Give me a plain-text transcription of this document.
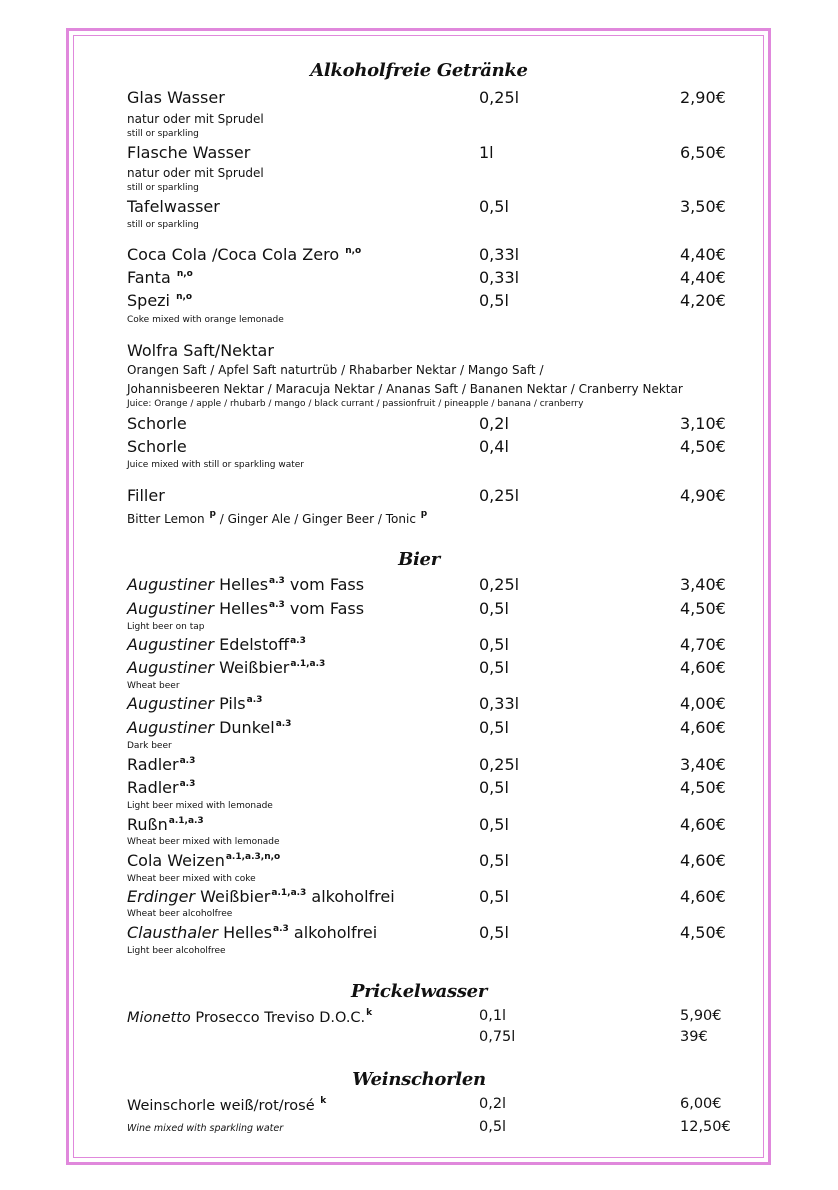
Alkoholfreie Getränke
Glas Wasser	0,25l	2,90€
natur oder mit Sprudel
still or sparkling
Flasche Wasser	1l	6,50€
natur oder mit Sprudel
still or sparkling
Tafelwasser	0,5l	3,50€
still or sparkling
Coca Cola /Coca Cola Zero $^{n,o}$	0,33l	4,40€
Fanta $^{n,o}$	0,33l	4,40€
Spezi $^{n,o}$	0,5l	4,20€
Coke mixed with orange lemonade
Wolfra Saft/Nektar
Orangen Saft / Apfel Saft naturtrüb / Rhabarber Nektar / Mango Saft /
Johannisbeeren Nektar / Maracuja Nektar / Ananas Saft / Bananen Nektar / Cranberry Nektar
Juice: Orange / apple / rhubarb / mango / black currant / passionfruit / pineapple / banana / cranberry
Schorle	0,2l	3,10€
Schorle	0,4l	4,50€
Juice mixed with still or sparkling water
Filler	0,25l	4,90€
Bitter Lemon $^p$ / Ginger Ale / Ginger Beer / Tonic $^p$
Bier
Augustiner Helles$^{a.3}$ vom Fass	0,25l	3,40€
Augustiner Helles$^{a.3}$ vom Fass	0,5l	4,50€
Light beer on tap
Augustiner Edelstoff$^{a.3}$	0,5l	4,70€
Augustiner Weißbier$^{a.1,a.3}$	0,5l	4,60€
Wheat beer
Augustiner Pils$^{a.3}$	0,33l	4,00€
Augustiner Dunkel$^{a.3}$	0,5l	4,60€
Dark beer
Radler$^{a.3}$	0,25l	3,40€
Radler$^{a.3}$	0,5l	4,50€
Light beer mixed with lemonade
Rußn$^{a.1,a.3}$	0,5l	4,60€
Wheat beer mixed with lemonade
Cola Weizen$^{a.1,a.3,n,o}$	0,5l	4,60€
Wheat beer mixed with coke
Erdinger Weißbier$^{a.1,a.3}$ alkoholfrei	0,5l	4,60€
Wheat beer alcoholfree
Clausthaler Helles$^{a.3}$ alkoholfrei	0,5l	4,50€
Light beer alcoholfree
Prickelwasser
Mionetto Prosecco Treviso D.O.C.$^k$	0,1l	5,90€
0,75l	39€
Weinschorlen
Weinschorle weiß/rot/rosé $^k$	0,2l	6,00€
Wine mixed with sparkling water	0,5l	12,50€
